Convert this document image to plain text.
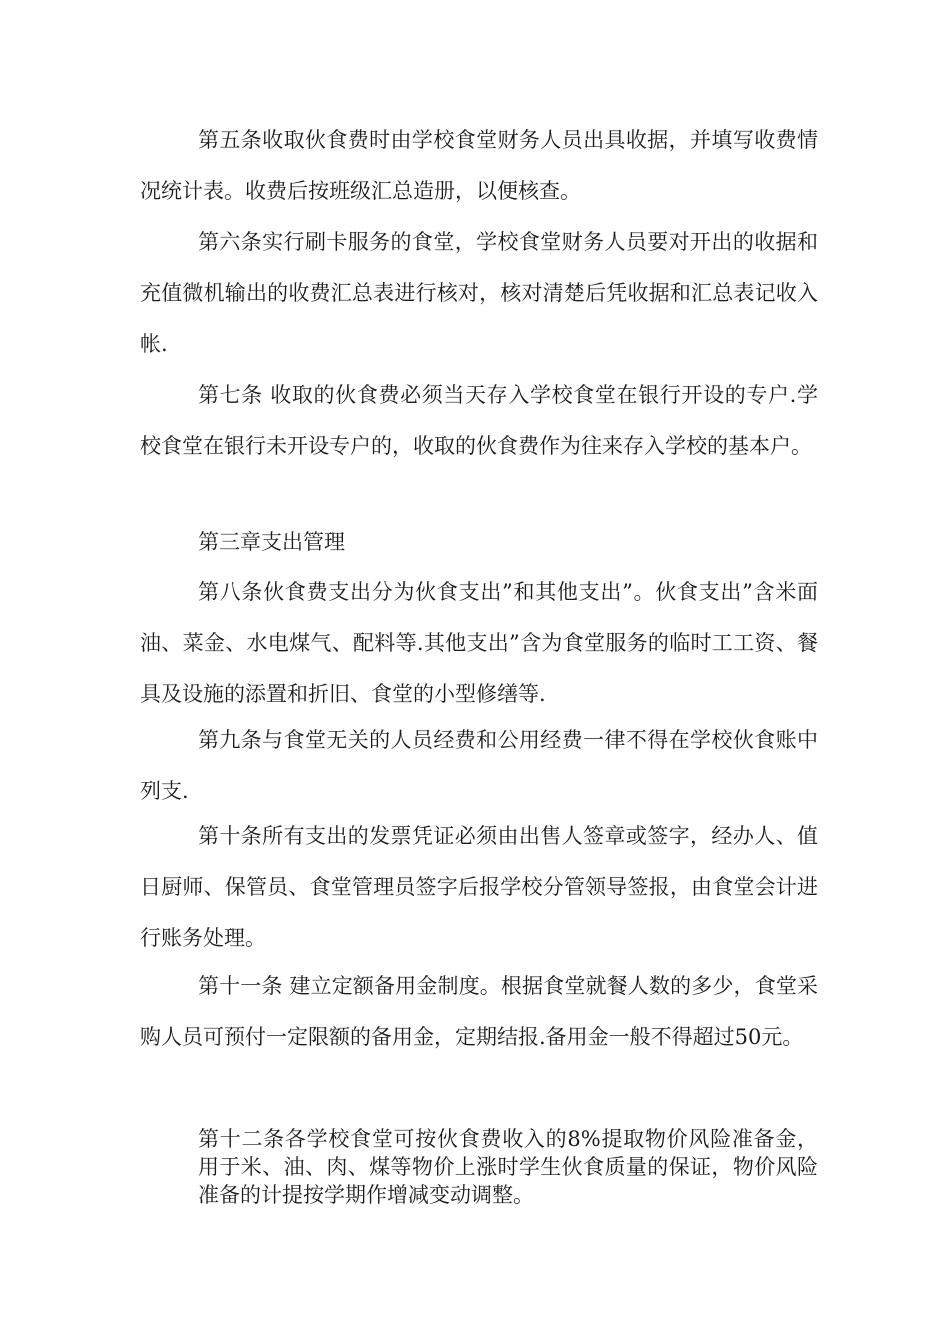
第五条收取伙食费时由学校食堂财务人员出具收据，并填写收费情况统计表。收费后按班级汇总造册，以便核查。

第六条实行刷卡服务的食堂，学校食堂财务人员要对开出的收据和充值微机输出的收费汇总表进行核对，核对清楚后凭收据和汇总表记收入帐.

第七条 收取的伙食费必须当天存入学校食堂在银行开设的专户.学校食堂在银行未开设专户的，收取的伙食费作为往来存入学校的基本户。

第三章支出管理

第八条伙食费支出分为伙食支出”和其他支出”。伙食支出”含米面油、菜金、水电煤气、配料等.其他支出”含为食堂服务的临时工工资、餐具及设施的添置和折旧、食堂的小型修缮等.

第九条与食堂无关的人员经费和公用经费一律不得在学校伙食账中列支.

第十条所有支出的发票凭证必须由出售人签章或签字，经办人、值日厨师、保管员、食堂管理员签字后报学校分管领导签报，由食堂会计进行账务处理。

第十一条 建立定额备用金制度。根据食堂就餐人数的多少，食堂采购人员可预付一定限额的备用金，定期结报.备用金一般不得超过50元。

第十二条各学校食堂可按伙食费收入的8%提取物价风险准备金，用于米、油、肉、煤等物价上涨时学生伙食质量的保证，物价风险准备的计提按学期作增减变动调整。
